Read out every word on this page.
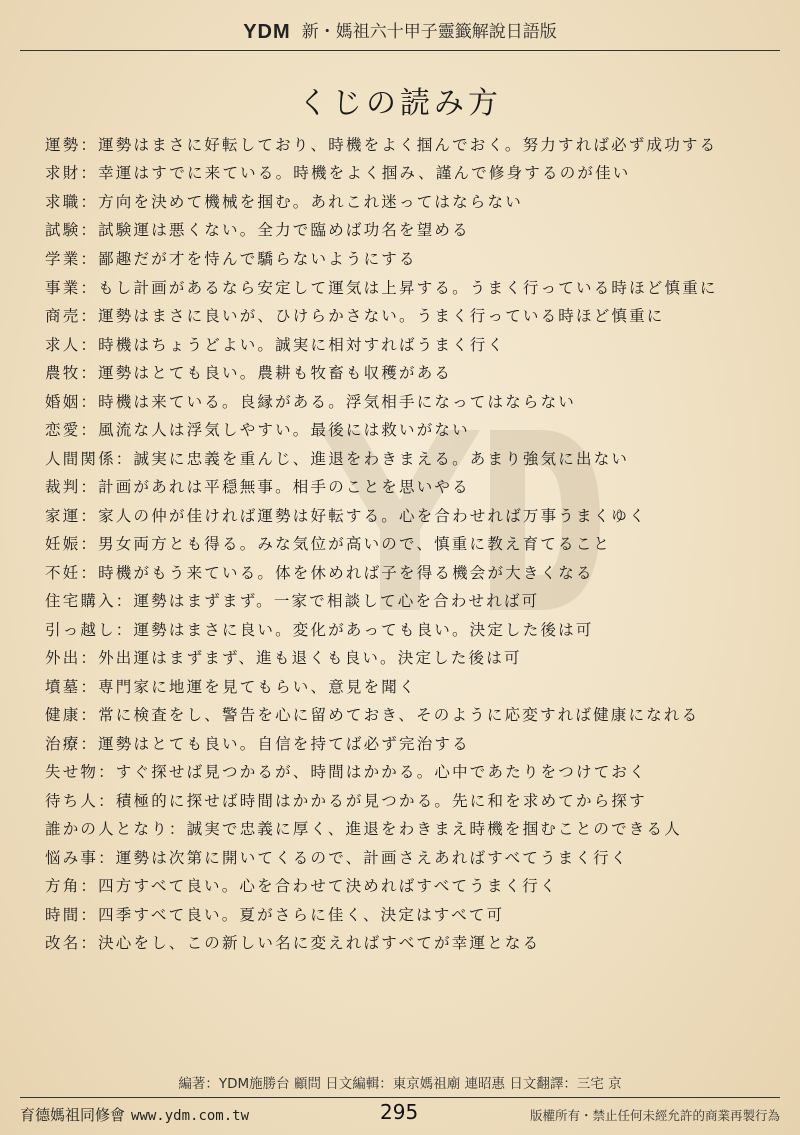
YDM 新・媽祖六十甲子靈籤解說日語版
くじの読み方
運勢：運勢はまさに好転しており、時機をよく掴んでおく。努力すれば必ず成功する
求財：幸運はすでに来ている。時機をよく掴み、謹んで修身するのが佳い
求職：方向を決めて機械を掴む。あれこれ迷ってはならない
試験：試験運は悪くない。全力で臨めば功名を望める
学業：鄙趣だが才を恃んで驕らないようにする
事業：もし計画があるなら安定して運気は上昇する。うまく行っている時ほど慎重に
商売：運勢はまさに良いが、ひけらかさない。うまく行っている時ほど慎重に
求人：時機はちょうどよい。誠実に相対すればうまく行く
農牧：運勢はとても良い。農耕も牧畜も収穫がある
婚姻：時機は来ている。良縁がある。浮気相手になってはならない
恋愛：風流な人は浮気しやすい。最後には救いがない
人間関係：誠実に忠義を重んじ、進退をわきまえる。あまり強気に出ない
裁判：計画があれは平穏無事。相手のことを思いやる
家運：家人の仲が佳ければ運勢は好転する。心を合わせれば万事うまくゆく
妊娠：男女両方とも得る。みな気位が高いので、慎重に教え育てること
不妊：時機がもう来ている。体を休めれば子を得る機会が大きくなる
住宅購入：運勢はまずまず。一家で相談して心を合わせれば可
引っ越し：運勢はまさに良い。変化があっても良い。決定した後は可
外出：外出運はまずまず、進も退くも良い。決定した後は可
墳墓：専門家に地運を見てもらい、意見を聞く
健康：常に検査をし、警告を心に留めておき、そのように応変すれば健康になれる
治療：運勢はとても良い。自信を持てば必ず完治する
失せ物：すぐ探せば見つかるが、時間はかかる。心中であたりをつけておく
待ち人：積極的に探せば時間はかかるが見つかる。先に和を求めてから探す
誰かの人となり：誠実で忠義に厚く、進退をわきまえ時機を掴むことのできる人
悩み事：運勢は次第に開いてくるので、計画さえあればすべてうまく行く
方角：四方すべて良い。心を合わせて決めればすべてうまく行く
時間：四季すべて良い。夏がさらに佳く、決定はすべて可
改名：決心をし、この新しい名に変えればすべてが幸運となる
編著：YDM施勝台 顧問 日文編輯：東京媽祖廟 連昭惠 日文翻譯：三宅 京
育德媽祖同修會 www.ydm.com.tw	295	版權所有・禁止任何未經允許的商業再製行為
